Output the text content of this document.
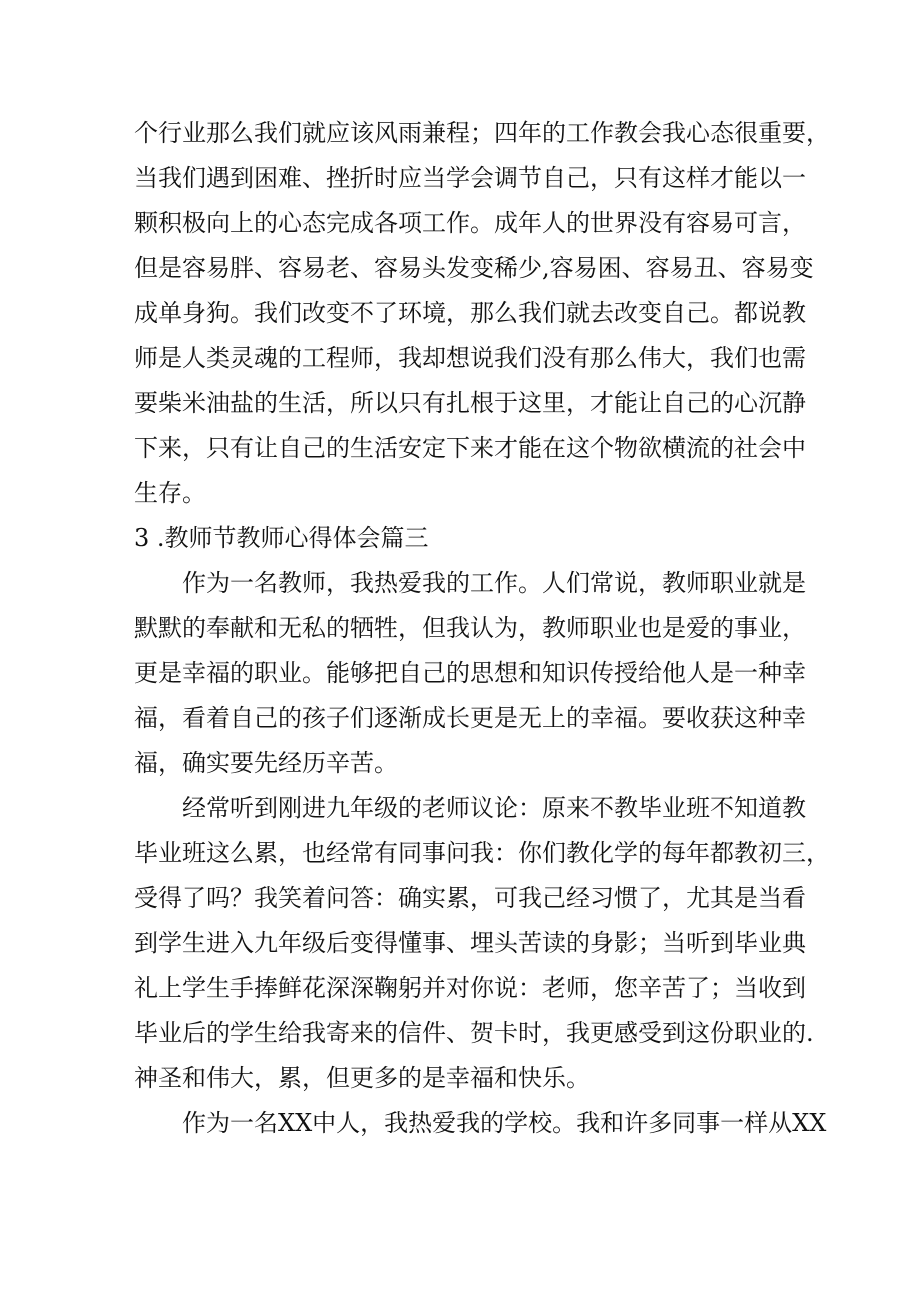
个行业那么我们就应该风雨兼程；四年的工作教会我心态很重要，
当我们遇到困难、挫折时应当学会调节自己，只有这样才能以一
颗积极向上的心态完成各项工作。成年人的世界没有容易可言，
但是容易胖、容易老、容易头发变稀少,容易困、容易丑、容易变
成单身狗。我们改变不了环境，那么我们就去改变自己。都说教
师是人类灵魂的工程师，我却想说我们没有那么伟大，我们也需
要柴米油盐的生活，所以只有扎根于这里，才能让自己的心沉静
下来，只有让自己的生活安定下来才能在这个物欲横流的社会中
生存。
3 .教师节教师心得体会篇三
作为一名教师，我热爱我的工作。人们常说，教师职业就是
默默的奉献和无私的牺牲，但我认为，教师职业也是爱的事业，
更是幸福的职业。能够把自己的思想和知识传授给他人是一种幸
福，看着自己的孩子们逐渐成长更是无上的幸福。要收获这种幸
福，确实要先经历辛苦。
经常听到刚进九年级的老师议论：原来不教毕业班不知道教
毕业班这么累，也经常有同事问我：你们教化学的每年都教初三，
受得了吗？我笑着问答：确实累，可我己经习惯了，尤其是当看
到学生进入九年级后变得懂事、埋头苦读的身影；当听到毕业典
礼上学生手捧鲜花深深鞠躬并对你说：老师，您辛苦了；当收到
毕业后的学生给我寄来的信件、贺卡时，我更感受到这份职业的.
神圣和伟大，累，但更多的是幸福和快乐。
作为一名XX中人，我热爱我的学校。我和许多同事一样从XX
